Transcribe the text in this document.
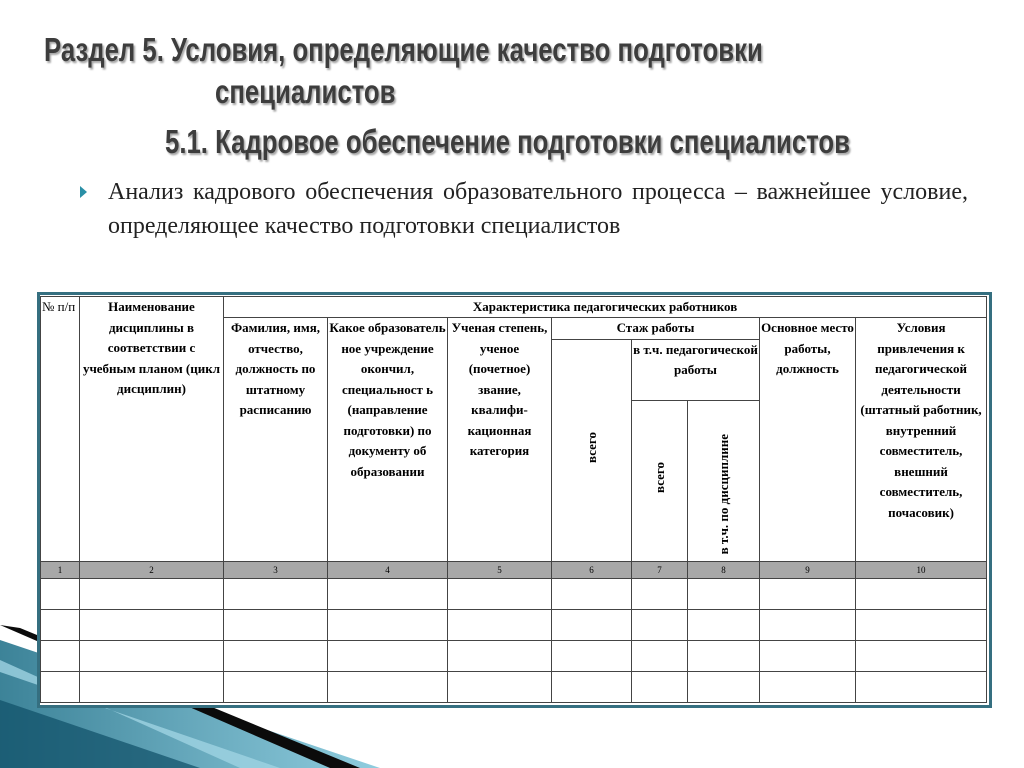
Раздел 5. Условия, определяющие качество подготовки
специалистов
5.1. Кадровое обеспечение подготовки специалистов
Анализ кадрового обеспечения образовательного процесса – важнейшее условие, определяющее качество подготовки специалистов
№ п/п	Наименование дисциплины в соответствии с учебным планом (цикл дисциплин)	Характеристика педагогических работников							
		Фамилия, имя, отчество, должность по штатному расписанию	Какое образователь ное учреждение окончил, специальност ь (направление подготовки) по документу об образовании	Ученая степень, ученое (почетное) звание, квалифи-кационная категория	Стаж работы			Основное место работы, должность	Условия привлечения к педагогической деятельности (штатный работник, внутренний совместитель, внешний совместитель, почасовик)
					всего	в т.ч. педагогической работы			
						всего	в т.ч. по дисциплине		
1	2	3	4	5	6	7	8	9	10
